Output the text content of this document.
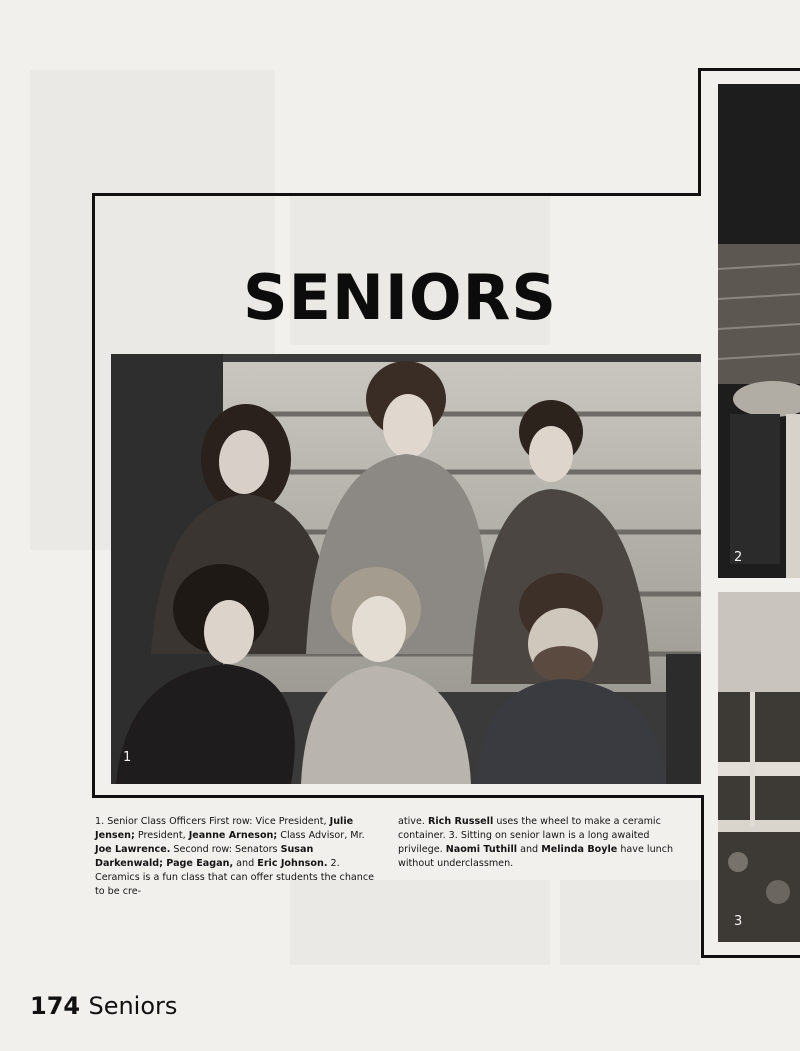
SENIORS
1
2
3
1. Senior Class Officers First row: Vice President, Julie Jensen; President, Jeanne Arneson; Class Advisor, Mr. Joe Lawrence. Second row: Senators Susan Darkenwald; Page Eagan, and Eric Johnson. 2. Ceramics is a fun class that can offer students the chance to be cre-
ative. Rich Russell uses the wheel to make a ceramic container. 3. Sitting on senior lawn is a long awaited privilege. Naomi Tuthill and Melinda Boyle have lunch without underclassmen.
174 Seniors
